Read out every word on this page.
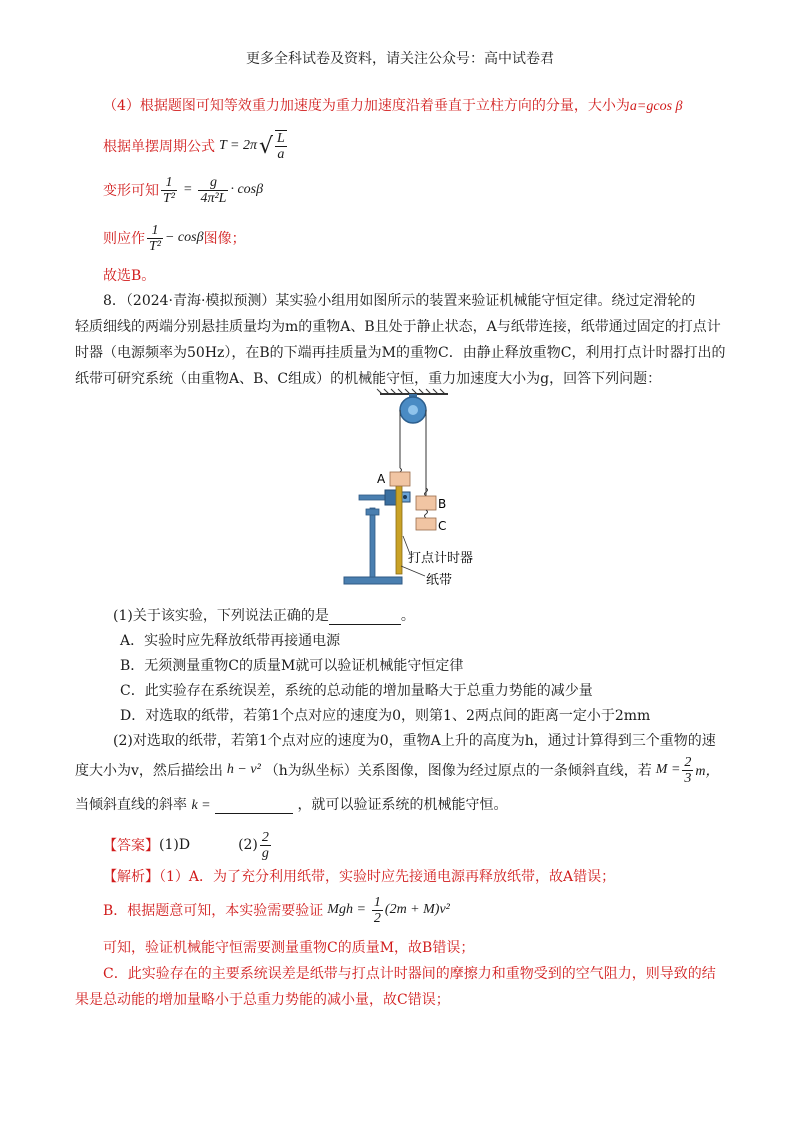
更多全科试卷及资料，请关注公众号：高中试卷君
（4）根据题图可知等效重力加速度为重力加速度沿着垂直于立柱方向的分量，大小为a=gcos β
根据单摆周期公式 T = 2π √ $\frac{L}{a}$
变形可知 $\frac{1}{\text{T²}} = \frac{g}{\text{4π²L}} \cdot \cos\beta$
则应作 $\frac{1}{\text{T²}} - \cos\beta$ 图像；
故选B。
8．（2024·青海·模拟预测）某实验小组用如图所示的装置来验证机械能守恒定律。绕过定滑轮的
轻质细线的两端分别悬挂质量均为m的重物A、B且处于静止状态，A与纸带连接，纸带通过固定的打点计
时器（电源频率为50Hz），在B的下端再挂质量为M的重物C．由静止释放重物C，利用打点计时器打出的
纸带可研究系统（由重物A、B、C组成）的机械能守恒，重力加速度大小为g，回答下列问题：
A
B
C
打点计时器
纸带
(1)关于该实验，下列说法正确的是	。
A．实验时应先释放纸带再接通电源
B．无须测量重物C的质量M就可以验证机械能守恒定律
C．此实验存在系统误差，系统的总动能的增加量略大于总重力势能的减少量
D．对选取的纸带，若第1个点对应的速度为0，则第1、2两点间的距离一定小于2mm
(2)对选取的纸带，若第1个点对应的速度为0，重物A上升的高度为h，通过计算得到三个重物的速
度大小为v，然后描绘出 h − v² （h为纵坐标）关系图像，图像为经过原点的一条倾斜直线，若 $M = \frac{2}{3}$ m，
当倾斜直线的斜率 k =	，就可以验证系统的机械能守恒。
【答案】 (1)D	$(2) \frac{2}{g}$
【解析】（1）A．为了充分利用纸带，实验时应先接通电源再释放纸带，故A错误；
B．根据题意可知，本实验需要验证 Mgh = $\frac{1}{2} (2m + M)v^2$
可知，验证机械能守恒需要测量重物C的质量M，故B错误；
C．此实验存在的主要系统误差是纸带与打点计时器间的摩擦力和重物受到的空气阻力，则导致的结
果是总动能的增加量略小于总重力势能的减小量，故C错误；
